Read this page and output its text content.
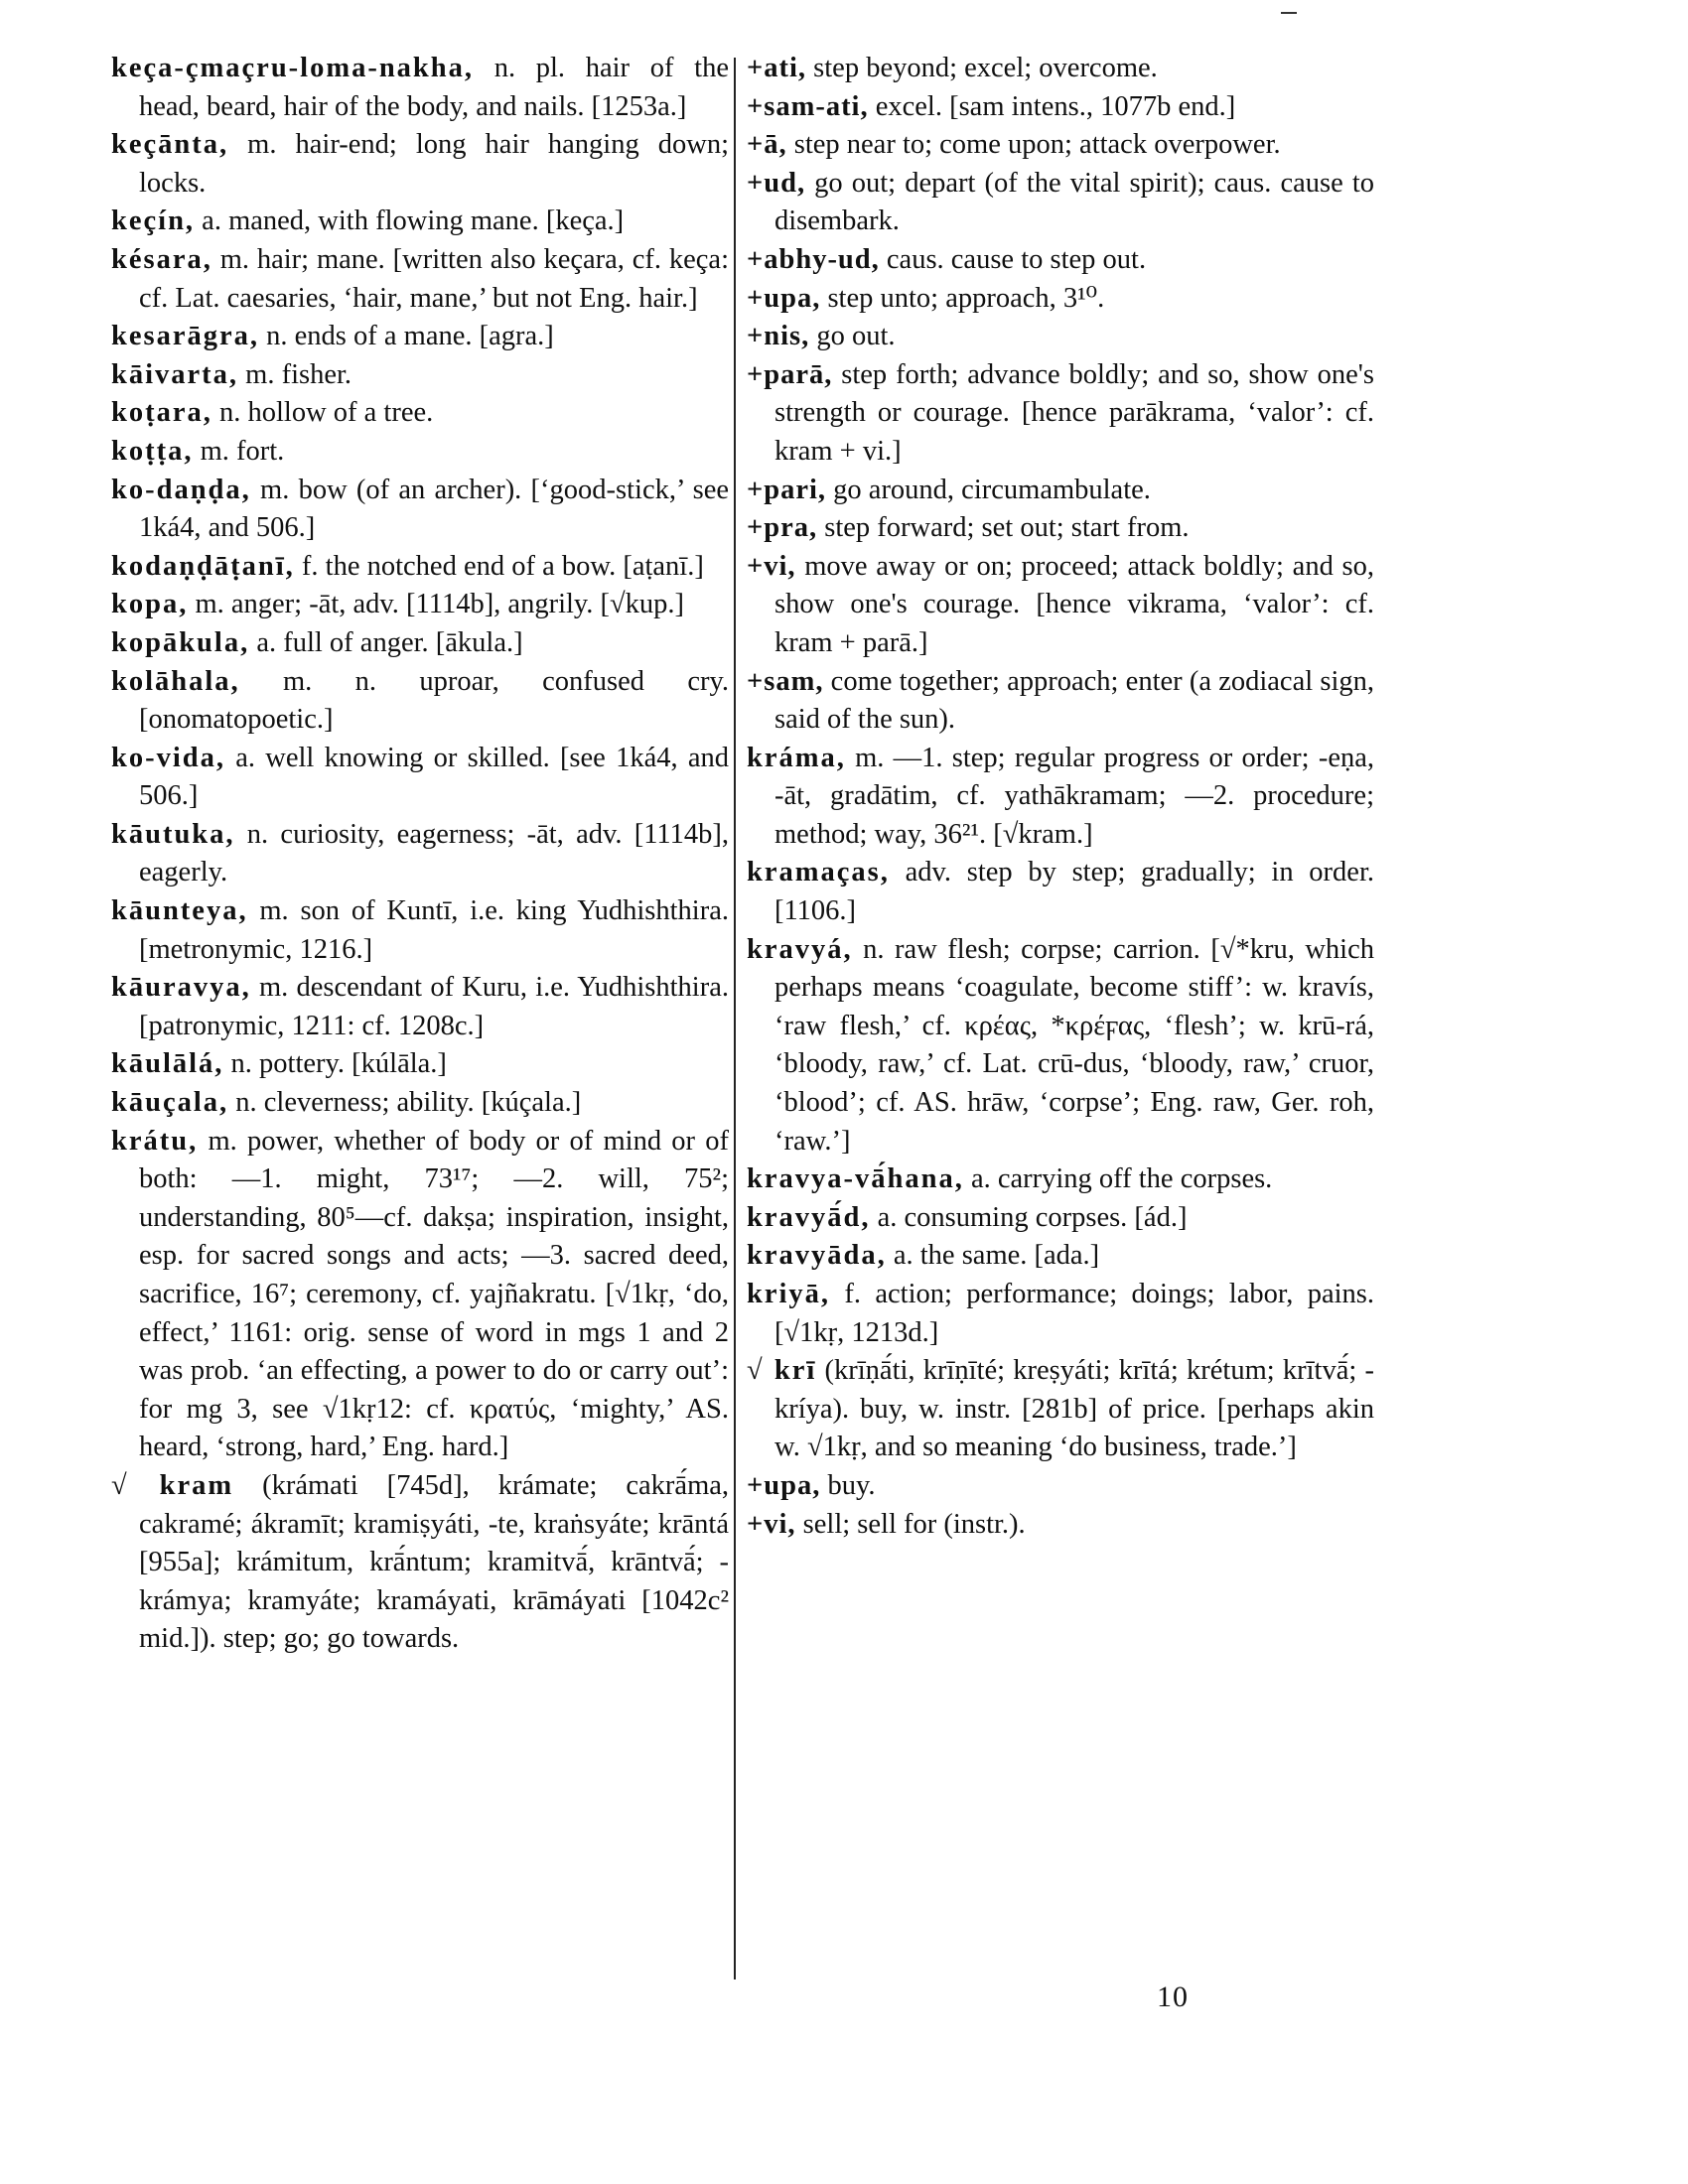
keça-çmaçru-loma-nakha, n. pl. hair of the head, beard, hair of the body, and nails. [1253a.]

keçānta, m. hair-end; long hair hanging down; locks.

keçín, a. maned, with flowing mane. [keça.]

késara, m. hair; mane. [written also keçara, cf. keça: cf. Lat. caesaries, ‘hair, mane,’ but not Eng. hair.]

kesarāgra, n. ends of a mane. [agra.]

kāivarta, m. fisher.

koṭara, n. hollow of a tree.

koṭṭa, m. fort.

ko-daṇḍa, m. bow (of an archer). [‘good-stick,’ see 1ká4, and 506.]

kodaṇḍāṭanī, f. the notched end of a bow. [aṭanī.]

kopa, m. anger; -āt, adv. [1114b], angrily. [√kup.]

kopākula, a. full of anger. [ākula.]

kolāhala, m. n. uproar, confused cry. [onomatopoetic.]

ko-vida, a. well knowing or skilled. [see 1ká4, and 506.]

kāutuka, n. curiosity, eagerness; -āt, adv. [1114b], eagerly.

kāunteya, m. son of Kuntī, i.e. king Yudhishthira. [metronymic, 1216.]

kāuravya, m. descendant of Kuru, i.e. Yudhishthira. [patronymic, 1211: cf. 1208c.]

kāulālá, n. pottery. [kúlāla.]

kāuçala, n. cleverness; ability. [kúçala.]

krátu, m. power, whether of body or of mind or of both: —1. might, 73¹⁷; —2. will, 75²; understanding, 80⁵—cf. dakṣa; inspiration, insight, esp. for sacred songs and acts; —3. sacred deed, sacrifice, 16⁷; ceremony, cf. yajñakratu. [√1kṛ, ‘do, effect,’ 1161: orig. sense of word in mgs 1 and 2 was prob. ‘an effecting, a power to do or carry out’: for mg 3, see √1kṛ12: cf. κρατύς, ‘mighty,’ AS. heard, ‘strong, hard,’ Eng. hard.]

√ kram (krámati [745d], krámate; cakrā́ma, cakramé; ákramīt; kramiṣyáti, -te, kraṅsyáte; krāntá [955a]; krámitum, krā́ntum; kramitvā́, krāntvā́; -krámya; kramyáte; kramáyati, krāmáyati [1042c² mid.]). step; go; go towards.

+ati, step beyond; excel; overcome.

+sam-ati, excel. [sam intens., 1077b end.]

+ā, step near to; come upon; attack overpower.

+ud, go out; depart (of the vital spirit); caus. cause to disembark.

+abhy-ud, caus. cause to step out.

+upa, step unto; approach, 3¹⁰.

+nis, go out.

+parā, step forth; advance boldly; and so, show one's strength or courage. [hence parākrama, ‘valor’: cf. kram + vi.]

+pari, go around, circumambulate.

+pra, step forward; set out; start from.

+vi, move away or on; proceed; attack boldly; and so, show one's courage. [hence vikrama, ‘valor’: cf. kram + parā.]

+sam, come together; approach; enter (a zodiacal sign, said of the sun).

kráma, m. —1. step; regular progress or order; -eṇa, -āt, gradātim, cf. yathākramam; —2. procedure; method; way, 36²¹. [√kram.]

kramaças, adv. step by step; gradually; in order. [1106.]

kravyá, n. raw flesh; corpse; carrion. [√*kru, which perhaps means ‘coagulate, become stiff’: w. kravís, ‘raw flesh,’ cf. κρέας, *κρέϝας, ‘flesh’; w. krū-rá, ‘bloody, raw,’ cf. Lat. crū-dus, ‘bloody, raw,’ cruor, ‘blood’; cf. AS. hrāw, ‘corpse’; Eng. raw, Ger. roh, ‘raw.’]

kravya-vā́hana, a. carrying off the corpses.

kravyā́d, a. consuming corpses. [ád.]

kravyāda, a. the same. [ada.]

kriyā, f. action; performance; doings; labor, pains. [√1kṛ, 1213d.]

√ krī (krīṇā́ti, krīṇīté; kreṣyáti; krītá; krétum; krītvā́; -kríya). buy, w. instr. [281b] of price. [perhaps akin w. √1kṛ, and so meaning ‘do business, trade.’]

+upa, buy.

+vi, sell; sell for (instr.).

10
